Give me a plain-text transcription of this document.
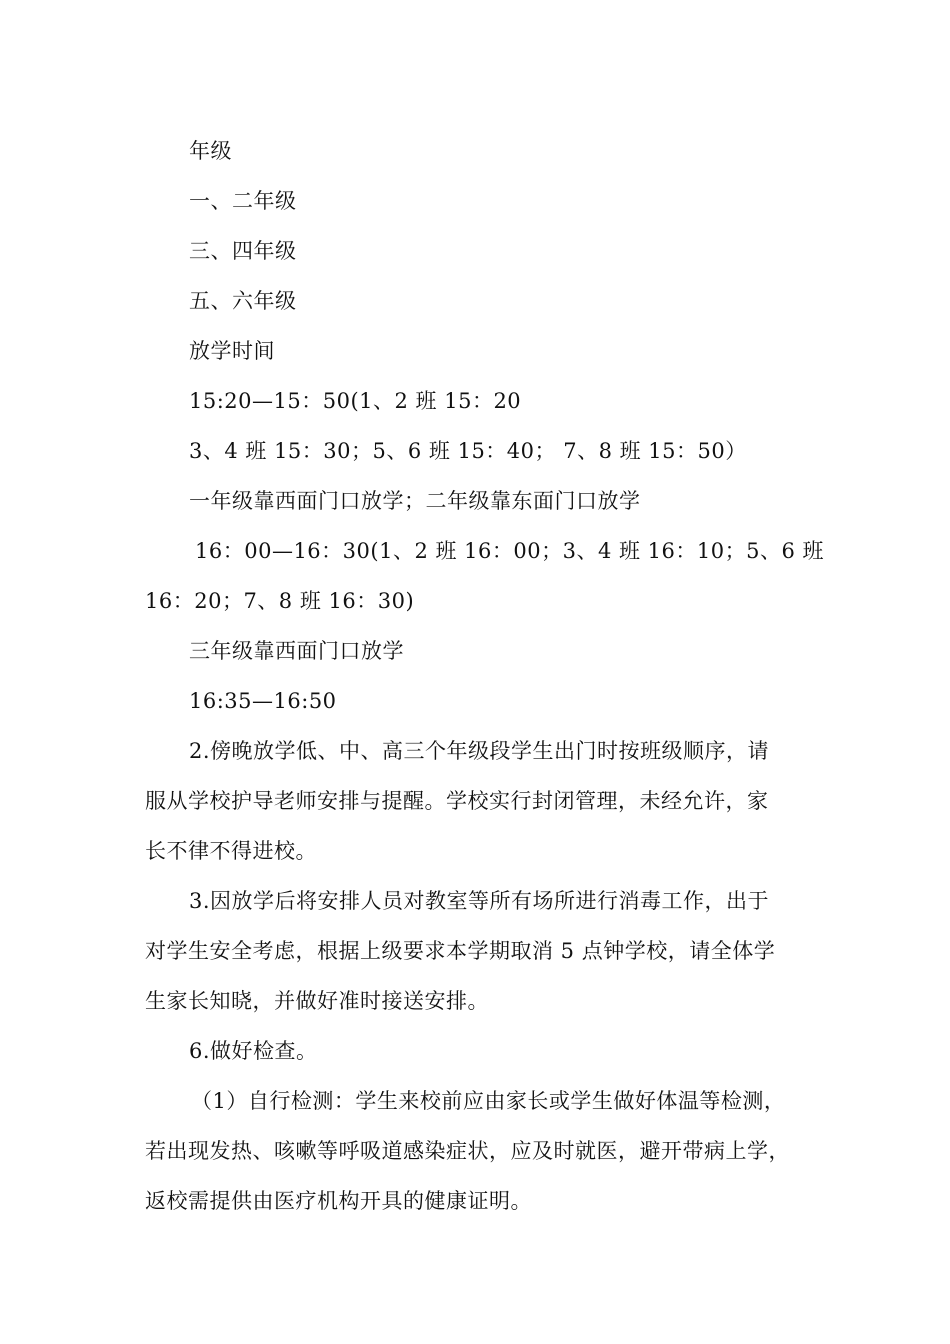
年级

一、二年级

三、四年级

五、六年级

放学时间

15:20—15：50(1、2 班 15：20

3、4 班 15：30；5、6 班 15：40； 7、8 班 15：50）

一年级靠西面门口放学；二年级靠东面门口放学

16：00—16：30(1、2 班 16：00；3、4 班 16：10；5、6 班

16：20；7、8 班 16：30)

三年级靠西面门口放学

16:35—16:50

2.傍晚放学低、中、高三个年级段学生出门时按班级顺序，请

服从学校护导老师安排与提醒。学校实行封闭管理，未经允许，家

长不律不得进校。

3.因放学后将安排人员对教室等所有场所进行消毒工作，出于

对学生安全考虑，根据上级要求本学期取消 5 点钟学校，请全体学

生家长知晓，并做好准时接送安排。

6.做好检查。

（1）自行检测：学生来校前应由家长或学生做好体温等检测，

若出现发热、咳嗽等呼吸道感染症状，应及时就医，避开带病上学，

返校需提供由医疗机构开具的健康证明。
